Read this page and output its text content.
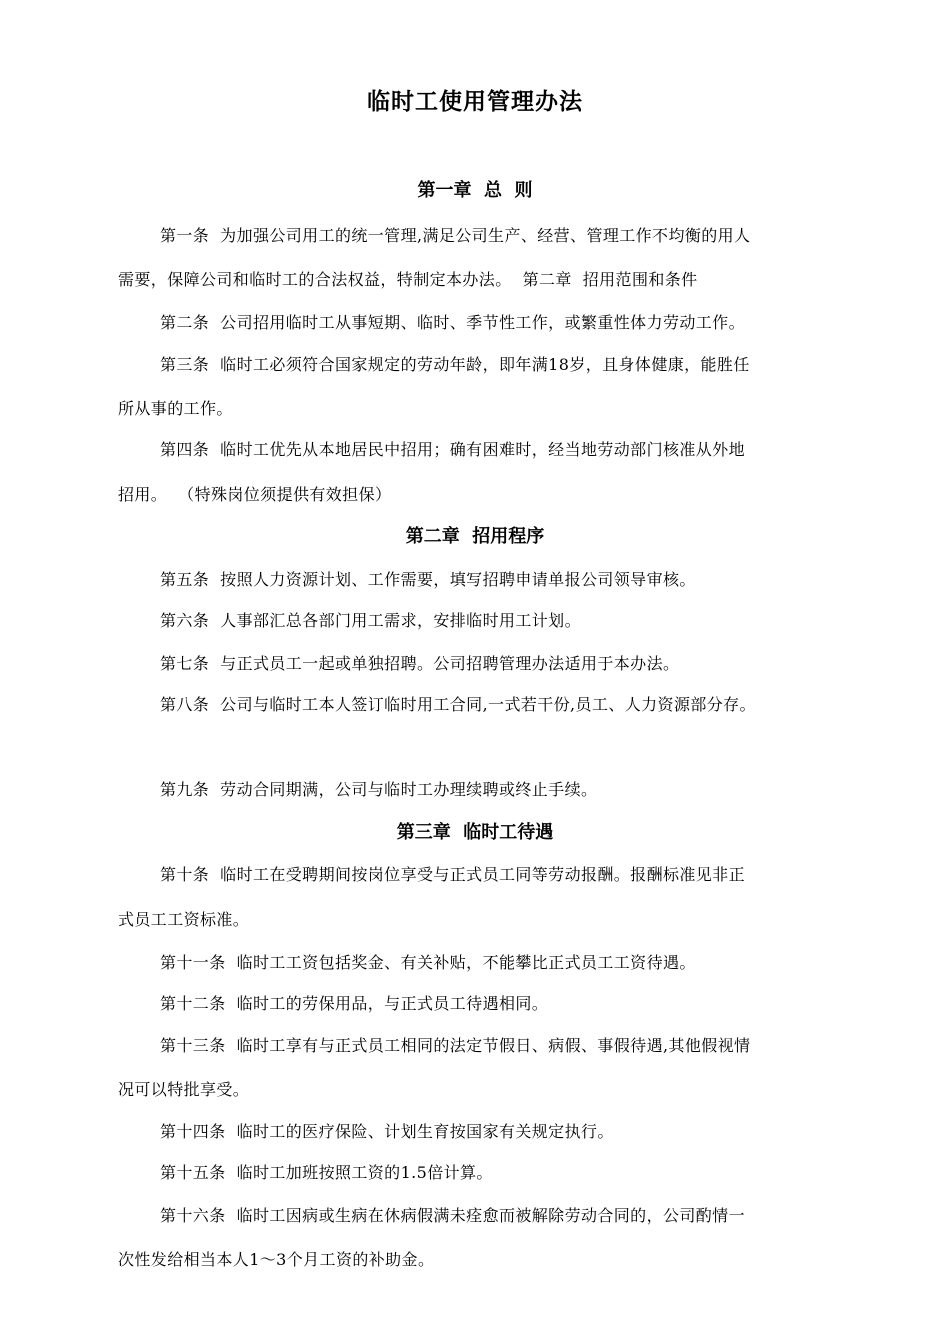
临时工使用管理办法
第一章  总  则
第一条  为加强公司用工的统一管理,满足公司生产、经营、管理工作不均衡的用人
需要，保障公司和临时工的合法权益，特制定本办法。  第二章  招用范围和条件
第二条  公司招用临时工从事短期、临时、季节性工作，或繁重性体力劳动工作。
第三条  临时工必须符合国家规定的劳动年龄，即年满18岁，且身体健康，能胜任
所从事的工作。
第四条  临时工优先从本地居民中招用；确有困难时，经当地劳动部门核准从外地
招用。  （特殊岗位须提供有效担保）
第二章  招用程序
第五条  按照人力资源计划、工作需要，填写招聘申请单报公司领导审核。
第六条  人事部汇总各部门用工需求，安排临时用工计划。
第七条  与正式员工一起或单独招聘。公司招聘管理办法适用于本办法。
第八条  公司与临时工本人签订临时用工合同,一式若干份,员工、人力资源部分存。
第九条  劳动合同期满，公司与临时工办理续聘或终止手续。
第三章  临时工待遇
第十条  临时工在受聘期间按岗位享受与正式员工同等劳动报酬。报酬标准见非正
式员工工资标准。
第十一条  临时工工资包括奖金、有关补贴，不能攀比正式员工工资待遇。
第十二条  临时工的劳保用品，与正式员工待遇相同。
第十三条  临时工享有与正式员工相同的法定节假日、病假、事假待遇,其他假视情
况可以特批享受。
第十四条  临时工的医疗保险、计划生育按国家有关规定执行。
第十五条  临时工加班按照工资的1.5倍计算。
第十六条  临时工因病或生病在休病假满未痊愈而被解除劳动合同的，公司酌情一
次性发给相当本人1～3个月工资的补助金。
